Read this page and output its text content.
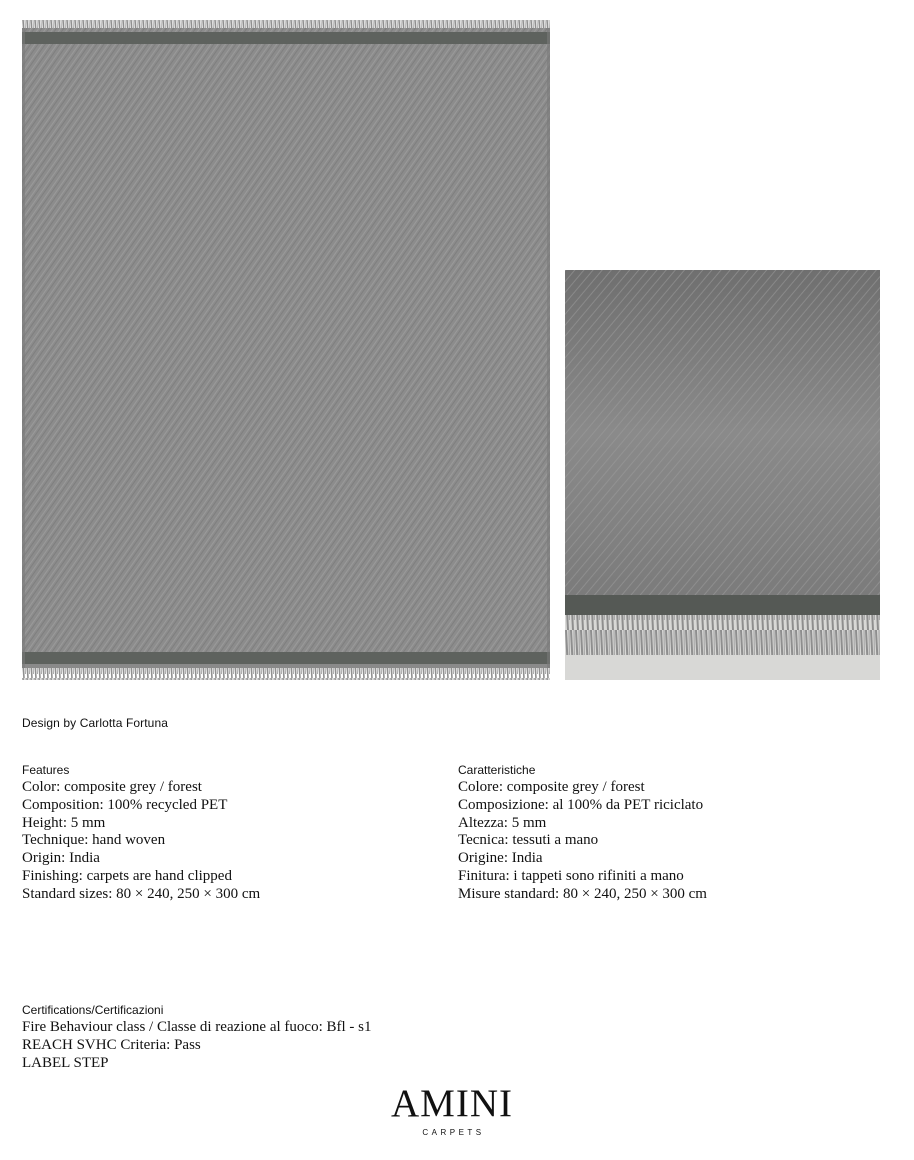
Design by Carlotta Fortuna
Features
Color: composite grey / forest
Composition: 100% recycled PET
Height: 5 mm
Technique: hand woven
Origin: India
Finishing: carpets are hand clipped
Standard sizes: 80 × 240, 250 × 300 cm
Caratteristiche
Colore: composite grey / forest
Composizione: al 100% da PET riciclato
Altezza: 5 mm
Tecnica: tessuti a mano
Origine: India
Finitura: i tappeti sono rifiniti a mano
Misure standard: 80 × 240, 250 × 300 cm
Certifications/Certificazioni
Fire Behaviour class / Classe di reazione al fuoco: Bfl - s1
REACH SVHC Criteria: Pass
LABEL STEP
AMINI
CARPETS
